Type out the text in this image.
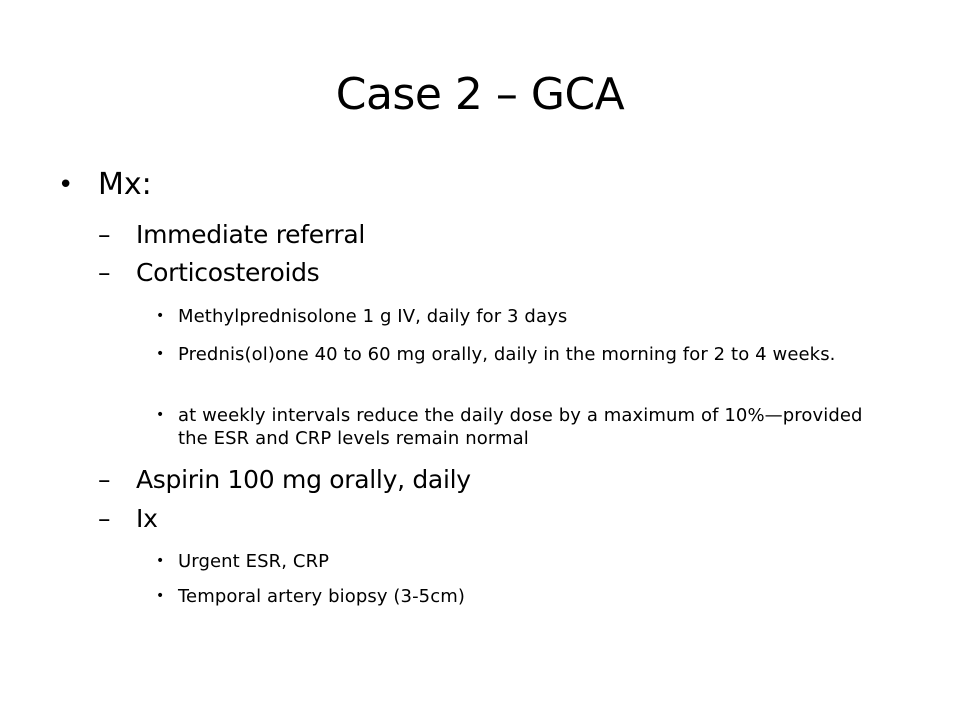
Case 2 – GCA
• Mx:
– Immediate referral
– Corticosteroids
• Methylprednisolone 1 g IV, daily for 3 days
• Prednis(ol)one 40 to 60 mg orally, daily in the morning for 2 to 4 weeks.
• at weekly intervals reduce the daily dose by a maximum of 10%—provided the ESR and CRP levels remain normal
– Aspirin 100 mg orally, daily
– Ix
• Urgent ESR, CRP
• Temporal artery biopsy (3-5cm)
